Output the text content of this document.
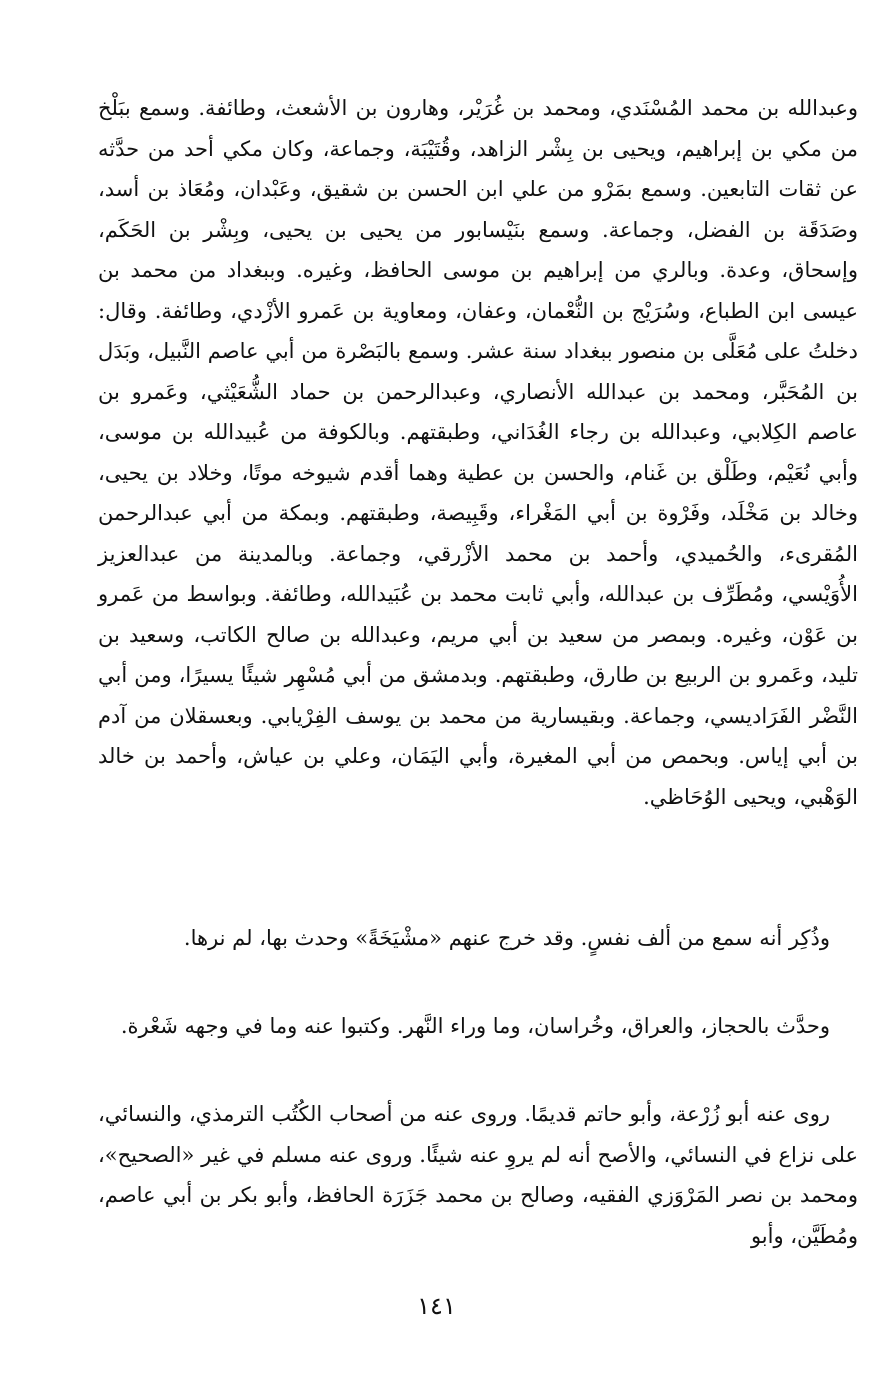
وعبدالله بن محمد المُسْنَدي، ومحمد بن غُرَيْر، وهارون بن الأشعث، وطائفة. وسمع ببَلْخ من مكي بن إبراهيم، ويحيى بن بِشْر الزاهد، وقُتَيْبَة، وجماعة، وكان مكي أحد من حدَّثه عن ثقات التابعين. وسمع بمَرْو من علي ابن الحسن بن شقيق، وعَبْدان، ومُعَاذ بن أسد، وصَدَقَة بن الفضل، وجماعة. وسمع بنَيْسابور من يحيى بن يحيى، وبِشْر بن الحَكَم، وإسحاق، وعدة. وبالري من إبراهيم بن موسى الحافظ، وغيره. وببغداد من محمد بن عيسى ابن الطباع، وسُرَيْج بن النُّعْمان، وعفان، ومعاوية بن عَمرو الأزْدي، وطائفة. وقال: دخلتُ على مُعَلَّى بن منصور ببغداد سنة عشر. وسمع بالبَصْرة من أبي عاصم النَّبيل، وبَدَل بن المُحَبَّر، ومحمد بن عبدالله الأنصاري، وعبدالرحمن بن حماد الشُّعَيْثي، وعَمرو بن عاصم الكِلابي، وعبدالله بن رجاء الغُدَاني، وطبقتهم. وبالكوفة من عُبيدالله بن موسى، وأبي نُعَيْم، وطَلْق بن غَنام، والحسن بن عطية وهما أقدم شيوخه موتًا، وخلاد بن يحيى، وخالد بن مَخْلَد، وفَرْوة بن أبي المَغْراء، وقَبِيصة، وطبقتهم. وبمكة من أبي عبدالرحمن المُقرىء، والحُميدي، وأحمد بن محمد الأزْرقي، وجماعة. وبالمدينة من عبدالعزيز الأُوَيْسي، ومُطَرِّف بن عبدالله، وأبي ثابت محمد بن عُبَيدالله، وطائفة. وبواسط من عَمرو بن عَوْن، وغيره. وبمصر من سعيد بن أبي مريم، وعبدالله بن صالح الكاتب، وسعيد بن تليد، وعَمرو بن الربيع بن طارق، وطبقتهم. وبدمشق من أبي مُسْهِر شيئًا يسيرًا، ومن أبي النَّضْر الفَرَاديسي، وجماعة. وبقيسارية من محمد بن يوسف الفِرْيابي. وبعسقلان من آدم بن أبي إياس. وبحمص من أبي المغيرة، وأبي اليَمَان، وعلي بن عياش، وأحمد بن خالد الوَهْبي، ويحيى الوُحَاظي.

وذُكِر أنه سمع من ألف نفسٍ. وقد خرج عنهم «مشْيَخَةً» وحدث بها، لم نرها.

وحدَّث بالحجاز، والعراق، وخُراسان، وما وراء النَّهر. وكتبوا عنه وما في وجهه شَعْرة.

روى عنه أبو زُرْعة، وأبو حاتم قديمًا. وروى عنه من أصحاب الكُتُب الترمذي، والنسائي، على نزاع في النسائي، والأصح أنه لم يروِ عنه شيئًا. وروى عنه مسلم في غير «الصحيح»، ومحمد بن نصر المَرْوَزي الفقيه، وصالح بن محمد جَزَرَة الحافظ، وأبو بكر بن أبي عاصم، ومُطَيَّن، وأبو

١٤١
